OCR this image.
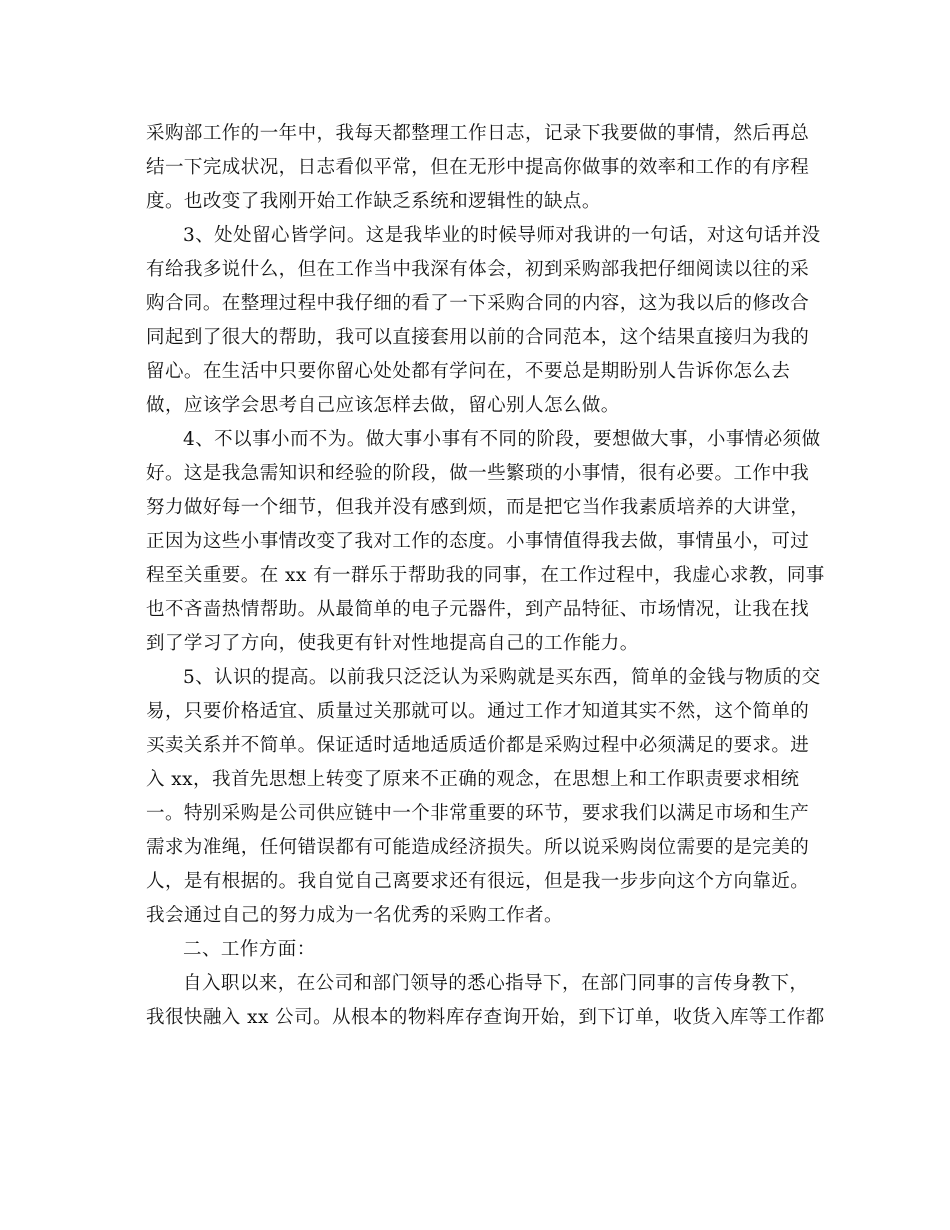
采购部工作的一年中，我每天都整理工作日志，记录下我要做的事情，然后再总
结一下完成状况，日志看似平常，但在无形中提高你做事的效率和工作的有序程
度。也改变了我刚开始工作缺乏系统和逻辑性的缺点。
3、处处留心皆学问。这是我毕业的时候导师对我讲的一句话，对这句话并没
有给我多说什么，但在工作当中我深有体会，初到采购部我把仔细阅读以往的采
购合同。在整理过程中我仔细的看了一下采购合同的内容，这为我以后的修改合
同起到了很大的帮助，我可以直接套用以前的合同范本，这个结果直接归为我的
留心。在生活中只要你留心处处都有学问在，不要总是期盼别人告诉你怎么去
做，应该学会思考自己应该怎样去做，留心别人怎么做。
4、不以事小而不为。做大事小事有不同的阶段，要想做大事，小事情必须做
好。这是我急需知识和经验的阶段，做一些繁琐的小事情，很有必要。工作中我
努力做好每一个细节，但我并没有感到烦，而是把它当作我素质培养的大讲堂，
正因为这些小事情改变了我对工作的态度。小事情值得我去做，事情虽小，可过
程至关重要。在 xx 有一群乐于帮助我的同事，在工作过程中，我虚心求教，同事
也不吝啬热情帮助。从最简单的电子元器件，到产品特征、市场情况，让我在找
到了学习了方向，使我更有针对性地提高自己的工作能力。
5、认识的提高。以前我只泛泛认为采购就是买东西，简单的金钱与物质的交
易，只要价格适宜、质量过关那就可以。通过工作才知道其实不然，这个简单的
买卖关系并不简单。保证适时适地适质适价都是采购过程中必须满足的要求。进
入 xx，我首先思想上转变了原来不正确的观念，在思想上和工作职责要求相统
一。特别采购是公司供应链中一个非常重要的环节，要求我们以满足市场和生产
需求为准绳，任何错误都有可能造成经济损失。所以说采购岗位需要的是完美的
人，是有根据的。我自觉自己离要求还有很远，但是我一步步向这个方向靠近。
我会通过自己的努力成为一名优秀的采购工作者。
二、工作方面：
自入职以来，在公司和部门领导的悉心指导下，在部门同事的言传身教下，
我很快融入 xx 公司。从根本的物料库存查询开始，到下订单，收货入库等工作都
